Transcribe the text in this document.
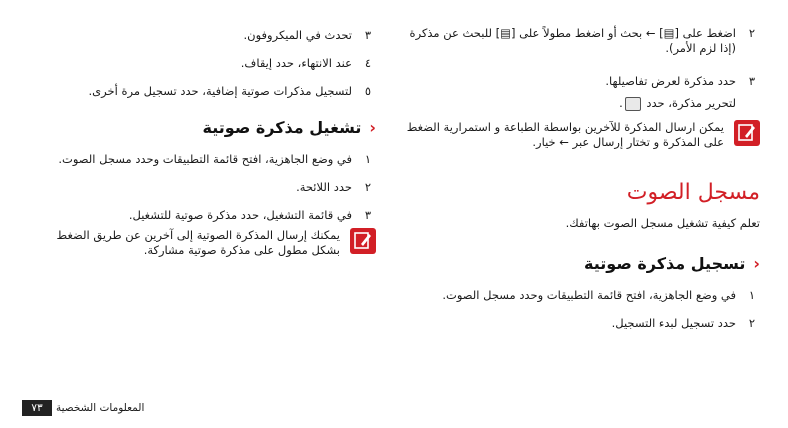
٢
اضغط على [▤] ← بحث أو اضغط مطولاً على [▤] للبحث عن مذكرة (إذا لزم الأمر).
٣
حدد مذكرة لعرض تفاصيلها.
لتحرير مذكرة، حدد .
يمكن ارسال المذكرة للآخرين بواسطة الطباعة و استمرارية الضغط على المذكرة و تختار إرسال عبر ← خيار.
مسجل الصوت
تعلم كيفية تشغيل مسجل الصوت بهاتفك.
‹تسجيل مذكرة صوتية
١
في وضع الجاهزية، افتح قائمة التطبيقات وحدد مسجل الصوت.
٢
حدد تسجيل لبدء التسجيل.
٣
تحدث في الميكروفون.
٤
عند الانتهاء، حدد إيقاف.
٥
لتسجيل مذكرات صوتية إضافية، حدد تسجيل مرة أخرى.
‹تشغيل مذكرة صوتية
١
في وضع الجاهزية، افتح قائمة التطبيقات وحدد مسجل الصوت.
٢
حدد اللائحة.
٣
في قائمة التشغيل، حدد مذكرة صوتية للتشغيل.
يمكنك إرسال المذكرة الصوتية إلى آخرين عن طريق الضغط بشكل مطول على مذكرة صوتية مشاركة.
المعلومات الشخصية
٧٣
